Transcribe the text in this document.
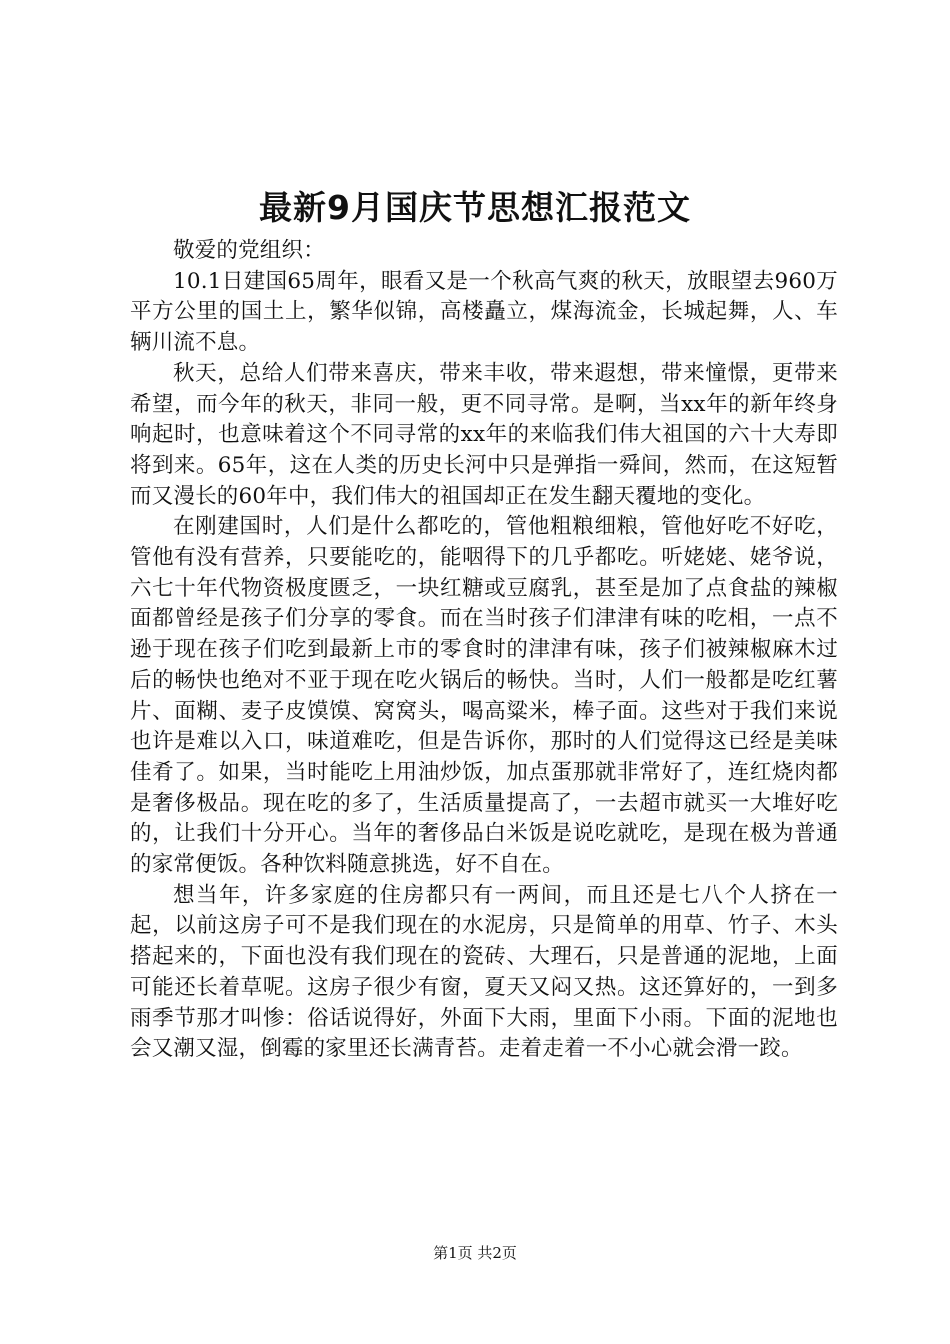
最新9月国庆节思想汇报范文

敬爱的党组织：

10.1日建国65周年，眼看又是一个秋高气爽的秋天，放眼望去960万平方公里的国土上，繁华似锦，高楼矗立，煤海流金，长城起舞，人、车辆川流不息。

秋天，总给人们带来喜庆，带来丰收，带来遐想，带来憧憬，更带来希望，而今年的秋天，非同一般，更不同寻常。是啊，当xx年的新年终身响起时，也意味着这个不同寻常的xx年的来临我们伟大祖国的六十大寿即将到来。65年，这在人类的历史长河中只是弹指一舜间，然而，在这短暂而又漫长的60年中，我们伟大的祖国却正在发生翻天覆地的变化。

在刚建国时，人们是什么都吃的，管他粗粮细粮，管他好吃不好吃，管他有没有营养，只要能吃的，能咽得下的几乎都吃。听姥姥、姥爷说，六七十年代物资极度匮乏，一块红糖或豆腐乳，甚至是加了点食盐的辣椒面都曾经是孩子们分享的零食。而在当时孩子们津津有味的吃相，一点不逊于现在孩子们吃到最新上市的零食时的津津有味，孩子们被辣椒麻木过后的畅快也绝对不亚于现在吃火锅后的畅快。当时，人们一般都是吃红薯片、面糊、麦子皮馍馍、窝窝头，喝高粱米，棒子面。这些对于我们来说也许是难以入口，味道难吃，但是告诉你，那时的人们觉得这已经是美味佳肴了。如果，当时能吃上用油炒饭，加点蛋那就非常好了，连红烧肉都是奢侈极品。现在吃的多了，生活质量提高了，一去超市就买一大堆好吃的，让我们十分开心。当年的奢侈品白米饭是说吃就吃，是现在极为普通的家常便饭。各种饮料随意挑选，好不自在。

想当年，许多家庭的住房都只有一两间，而且还是七八个人挤在一起，以前这房子可不是我们现在的水泥房，只是简单的用草、竹子、木头搭起来的，下面也没有我们现在的瓷砖、大理石，只是普通的泥地，上面可能还长着草呢。这房子很少有窗，夏天又闷又热。这还算好的，一到多雨季节那才叫惨：俗话说得好，外面下大雨，里面下小雨。下面的泥地也会又潮又湿，倒霉的家里还长满青苔。走着走着一不小心就会滑一跤。

第1页 共2页
